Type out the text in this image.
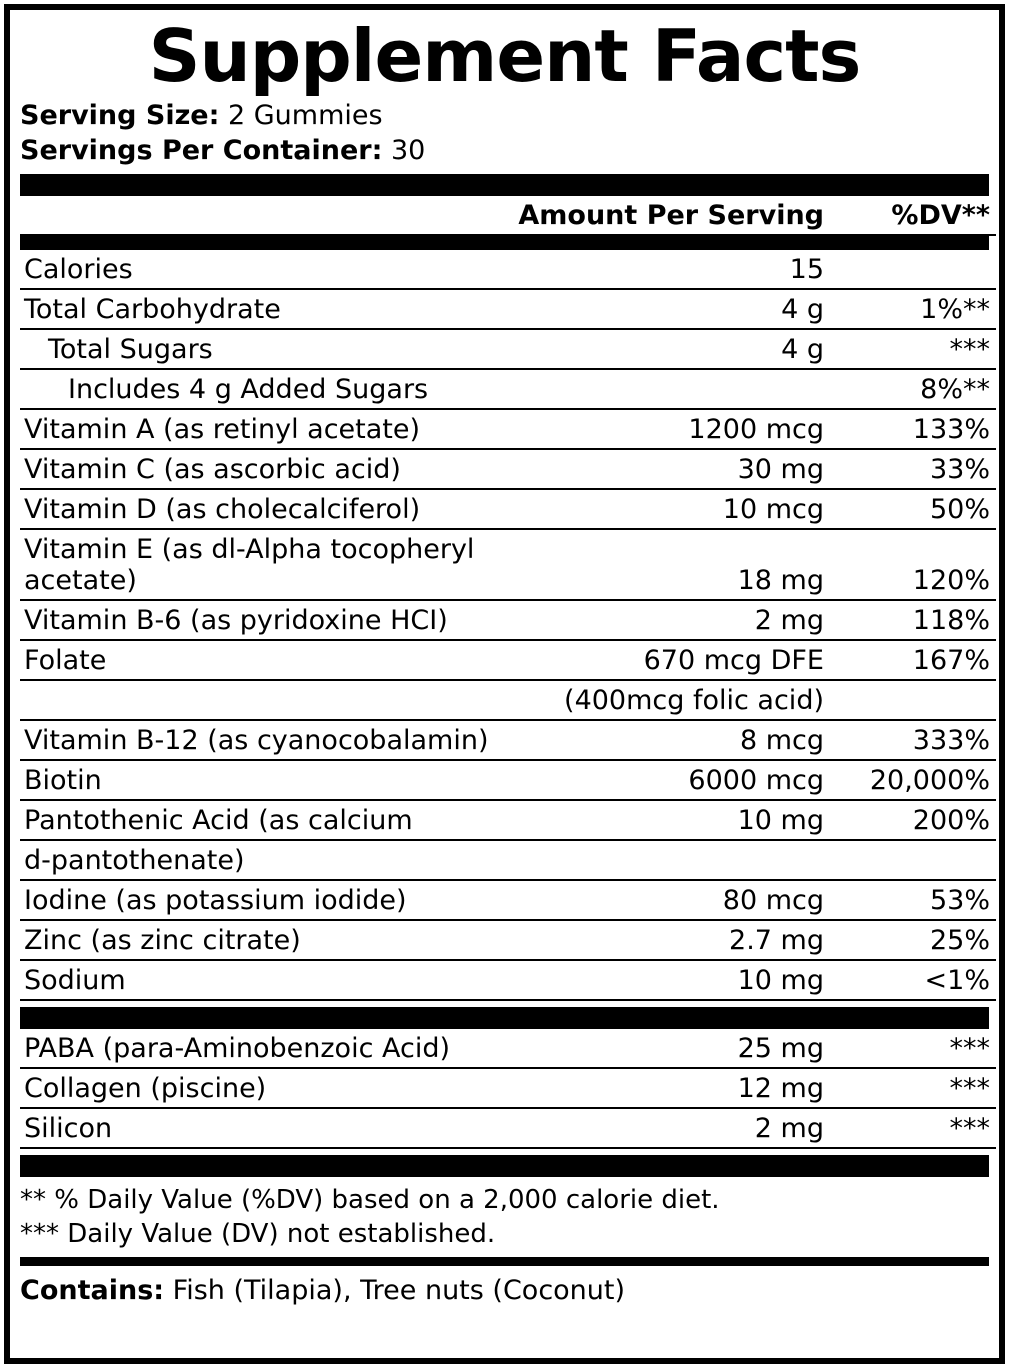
Supplement Facts
Serving Size: 2 Gummies
Servings Per Container: 30
	Amount Per Serving	%DV**
Calories	15	
Total Carbohydrate	4 g	1%**
Total Sugars	4 g	***
Includes 4 g Added Sugars		8%**
Vitamin A (as retinyl acetate)	1200 mcg	133%
Vitamin C (as ascorbic acid)	30 mg	33%
Vitamin D (as cholecalciferol)	10 mcg	50%
Vitamin E (as dl-Alpha tocopheryl acetate)	18 mg	120%
Vitamin B-6 (as pyridoxine HCI)	2 mg	118%
Folate	670 mcg DFE	167%
	(400mcg folic acid)	
Vitamin B-12 (as cyanocobalamin)	8 mcg	333%
Biotin	6000 mcg	20,000%
Pantothenic Acid (as calcium	10 mg	200%
d-pantothenate)		
Iodine (as potassium iodide)	80 mcg	53%
Zinc (as zinc citrate)	2.7 mg	25%
Sodium	10 mg	<1%
PABA (para-Aminobenzoic Acid)	25 mg	***
Collagen (piscine)	12 mg	***
Silicon	2 mg	***
** % Daily Value (%DV) based on a 2,000 calorie diet.
*** Daily Value (DV) not established.
Contains: Fish (Tilapia), Tree nuts (Coconut)
